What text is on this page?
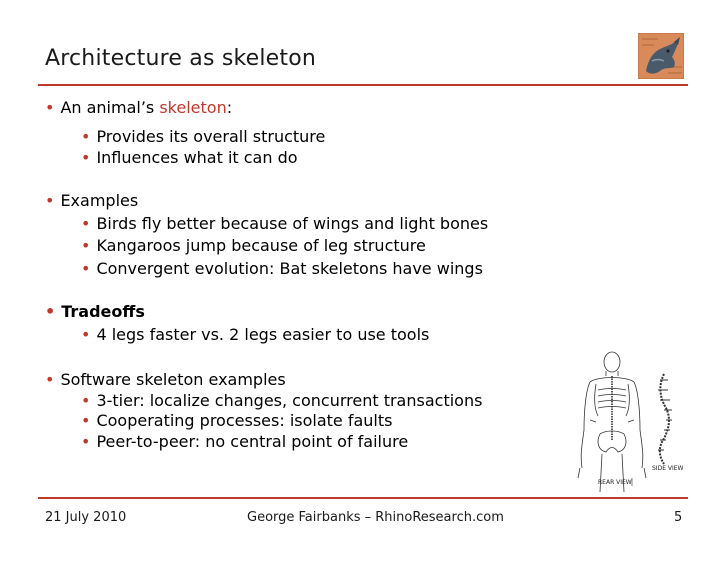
Architecture as skeleton
• An animal’s skeleton:
• Provides its overall structure
• Influences what it can do
• Examples
• Birds fly better because of wings and light bones
• Kangaroos jump because of leg structure
• Convergent evolution: Bat skeletons have wings
• Tradeoffs
• 4 legs faster vs. 2 legs easier to use tools
• Software skeleton examples
• 3-tier: localize changes, concurrent transactions
• Cooperating processes: isolate faults
• Peer-to-peer: no central point of failure
SIDE VIEW
REAR VIEW
21 July 2010	George Fairbanks – RhinoResearch.com	5
